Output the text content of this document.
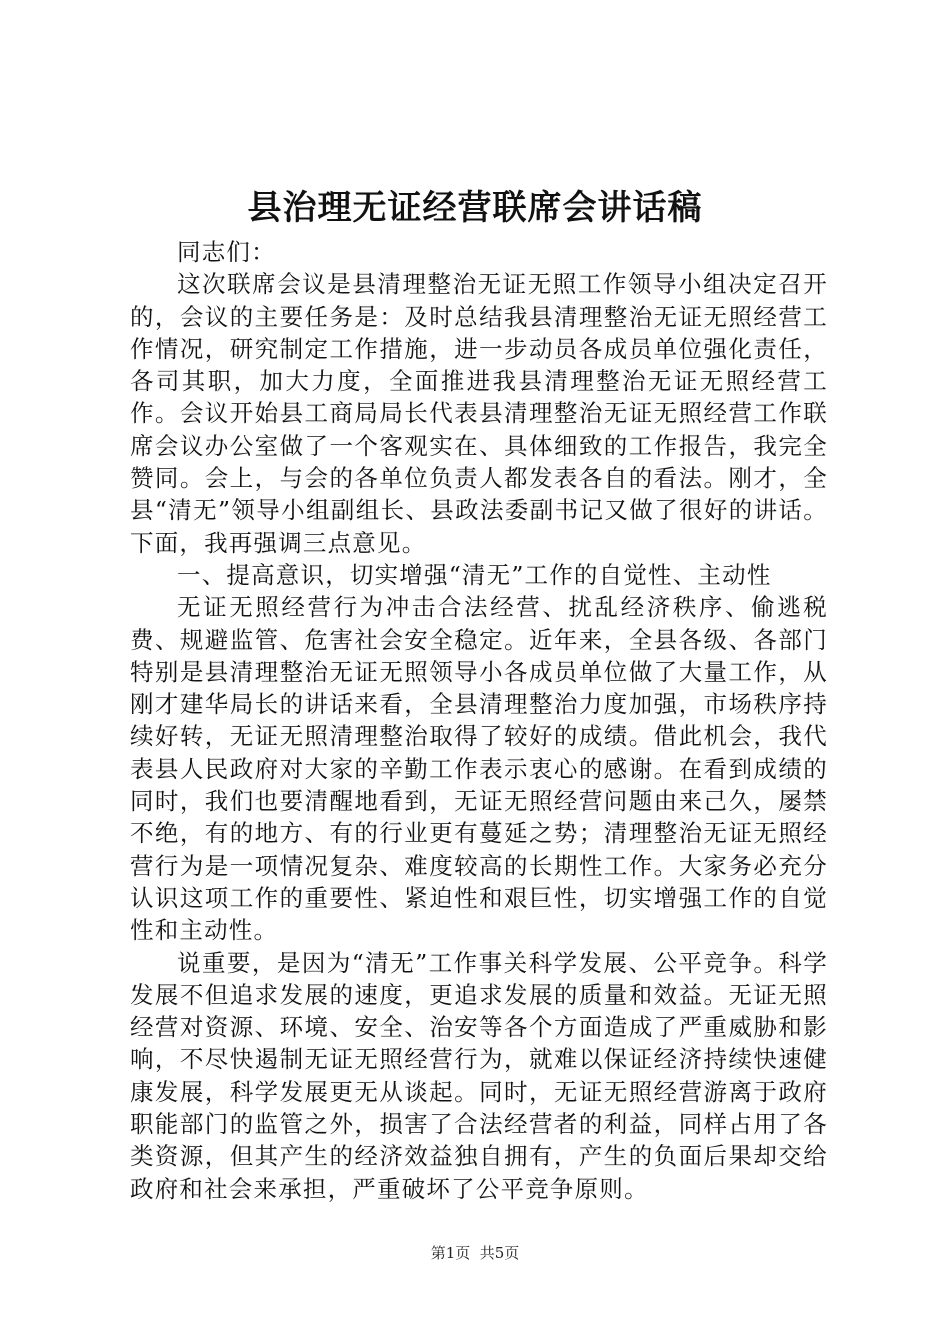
县治理无证经营联席会讲话稿

同志们：

这次联席会议是县清理整治无证无照工作领导小组决定召开的，会议的主要任务是：及时总结我县清理整治无证无照经营工作情况，研究制定工作措施，进一步动员各成员单位强化责任，各司其职，加大力度，全面推进我县清理整治无证无照经营工作。会议开始县工商局局长代表县清理整治无证无照经营工作联席会议办公室做了一个客观实在、具体细致的工作报告，我完全赞同。会上，与会的各单位负责人都发表各自的看法。刚才，全县“清无”领导小组副组长、县政法委副书记又做了很好的讲话。下面，我再强调三点意见。

一、提高意识，切实增强“清无”工作的自觉性、主动性

无证无照经营行为冲击合法经营、扰乱经济秩序、偷逃税费、规避监管、危害社会安全稳定。近年来，全县各级、各部门特别是县清理整治无证无照领导小各成员单位做了大量工作，从刚才建华局长的讲话来看，全县清理整治力度加强，市场秩序持续好转，无证无照清理整治取得了较好的成绩。借此机会，我代表县人民政府对大家的辛勤工作表示衷心的感谢。在看到成绩的同时，我们也要清醒地看到，无证无照经营问题由来己久，屡禁不绝，有的地方、有的行业更有蔓延之势；清理整治无证无照经营行为是一项情况复杂、难度较高的长期性工作。大家务必充分认识这项工作的重要性、紧迫性和艰巨性，切实增强工作的自觉性和主动性。

说重要，是因为“清无”工作事关科学发展、公平竞争。科学发展不但追求发展的速度，更追求发展的质量和效益。无证无照经营对资源、环境、安全、治安等各个方面造成了严重威胁和影响，不尽快遏制无证无照经营行为，就难以保证经济持续快速健康发展，科学发展更无从谈起。同时，无证无照经营游离于政府职能部门的监管之外，损害了合法经营者的利益，同样占用了各类资源，但其产生的经济效益独自拥有，产生的负面后果却交给政府和社会来承担，严重破坏了公平竞争原则。

第1页  共5页
